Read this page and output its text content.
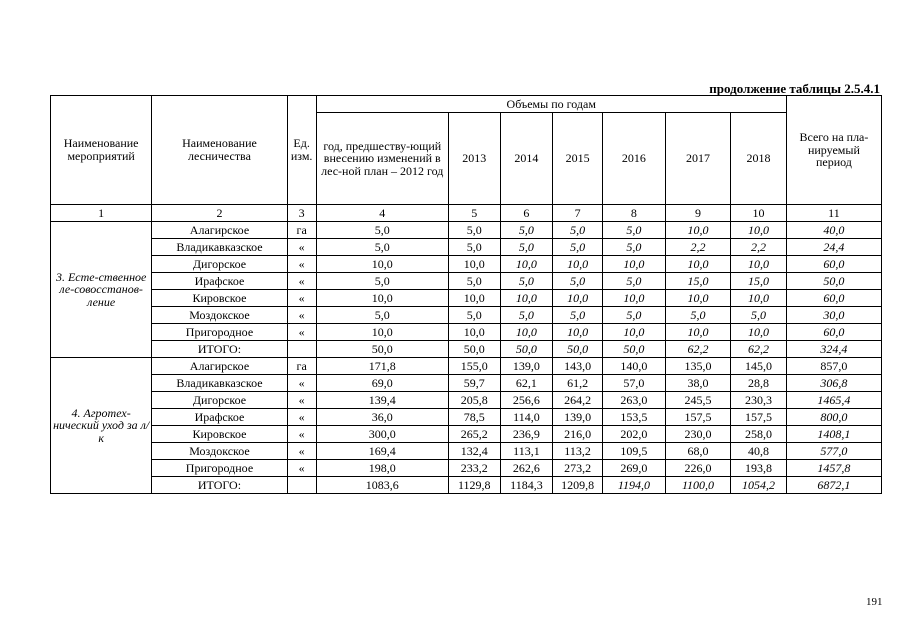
продолжение таблицы 2.5.4.1
Наименование мероприятий	Наименование лесничества	Ед. изм.	Объемы по годам							Всего на пла-нируемый период
			год, предшеству-ющий внесению изменений в лес-ной план – 2012 год	2013	2014	2015	2016	2017	2018	
1	2	3	4	5	6	7	8	9	10	11
3. Есте-ственное ле-совосстанов-ление	Алагирское	га	5,0	5,0	5,0	5,0	5,0	10,0	10,0	40,0
	Владикавказское	«	5,0	5,0	5,0	5,0	5,0	2,2	2,2	24,4
	Дигорское	«	10,0	10,0	10,0	10,0	10,0	10,0	10,0	60,0
	Ирафское	«	5,0	5,0	5,0	5,0	5,0	15,0	15,0	50,0
	Кировское	«	10,0	10,0	10,0	10,0	10,0	10,0	10,0	60,0
	Моздокское	«	5,0	5,0	5,0	5,0	5,0	5,0	5,0	30,0
	Пригородное	«	10,0	10,0	10,0	10,0	10,0	10,0	10,0	60,0
	ИТОГО:		50,0	50,0	50,0	50,0	50,0	62,2	62,2	324,4
4. Агротех-нический уход за л/к	Алагирское	га	171,8	155,0	139,0	143,0	140,0	135,0	145,0	857,0
	Владикавказское	«	69,0	59,7	62,1	61,2	57,0	38,0	28,8	306,8
	Дигорское	«	139,4	205,8	256,6	264,2	263,0	245,5	230,3	1465,4
	Ирафское	«	36,0	78,5	114,0	139,0	153,5	157,5	157,5	800,0
	Кировское	«	300,0	265,2	236,9	216,0	202,0	230,0	258,0	1408,1
	Моздокское	«	169,4	132,4	113,1	113,2	109,5	68,0	40,8	577,0
	Пригородное	«	198,0	233,2	262,6	273,2	269,0	226,0	193,8	1457,8
	ИТОГО:		1083,6	1129,8	1184,3	1209,8	1194,0	1100,0	1054,2	6872,1
191
